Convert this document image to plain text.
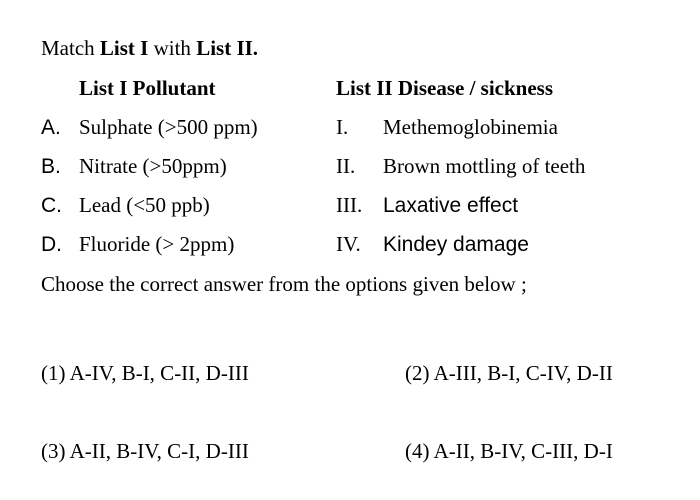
Match List I with List II.
List I Pollutant	List II Disease / sickness
A. Sulphate (>500 ppm)	I. Methemoglobinemia
B. Nitrate (>50ppm)	II. Brown mottling of teeth
C. Lead (<50 ppb)	III. Laxative effect
D. Fluoride (> 2ppm)	IV. Kindey damage
Choose the correct answer from the options given below ;
(1) A-IV, B-I, C-II, D-III	(2) A-III, B-I, C-IV, D-II
(3) A-II, B-IV, C-I, D-III	(4) A-II, B-IV, C-III, D-I
